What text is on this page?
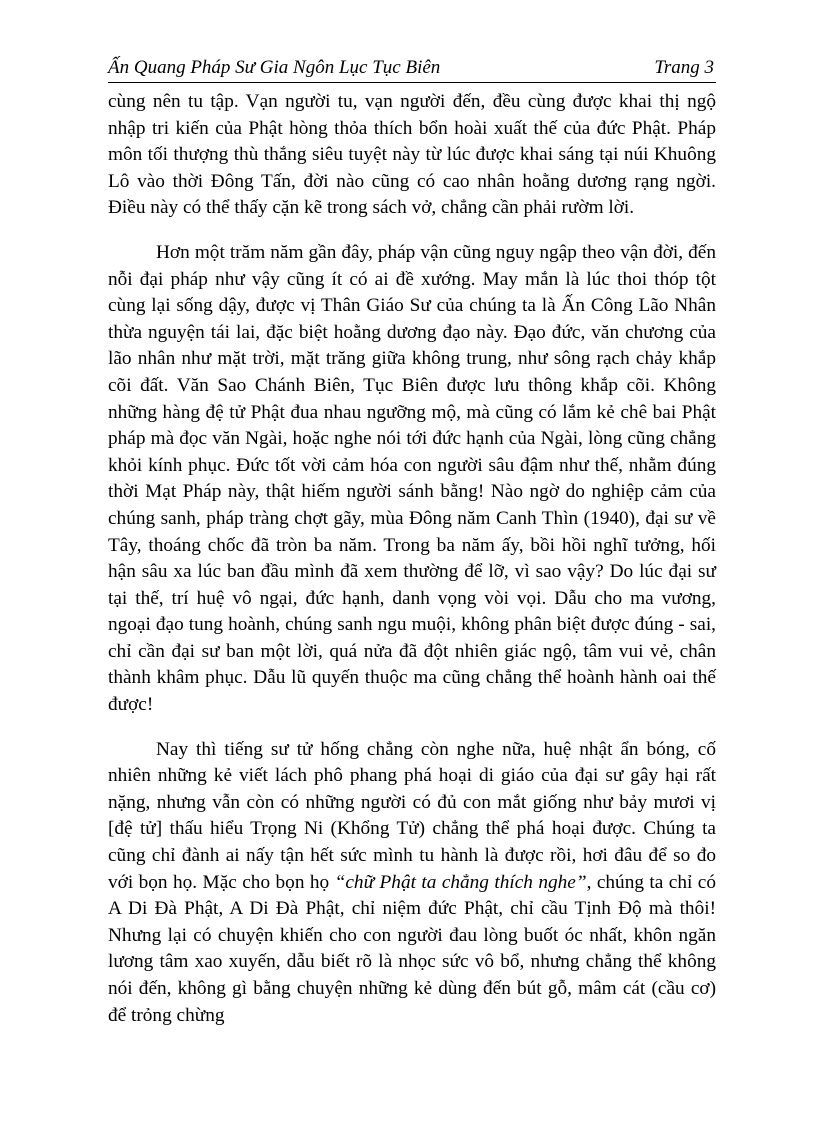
Ấn Quang Pháp Sư Gia Ngôn Lục Tục Biên	Trang 3

cùng nên tu tập. Vạn người tu, vạn người đến, đều cùng được khai thị ngộ nhập tri kiến của Phật hòng thỏa thích bổn hoài xuất thế của đức Phật. Pháp môn tối thượng thù thắng siêu tuyệt này từ lúc được khai sáng tại núi Khuông Lô vào thời Đông Tấn, đời nào cũng có cao nhân hoằng dương rạng ngời. Điều này có thể thấy cặn kẽ trong sách vở, chẳng cần phải rườm lời.

Hơn một trăm năm gần đây, pháp vận cũng nguy ngập theo vận đời, đến nỗi đại pháp như vậy cũng ít có ai đề xướng. May mắn là lúc thoi thóp tột cùng lại sống dậy, được vị Thân Giáo Sư của chúng ta là Ấn Công Lão Nhân thừa nguyện tái lai, đặc biệt hoằng dương đạo này. Đạo đức, văn chương của lão nhân như mặt trời, mặt trăng giữa không trung, như sông rạch chảy khắp cõi đất. Văn Sao Chánh Biên, Tục Biên được lưu thông khắp cõi. Không những hàng đệ tử Phật đua nhau ngưỡng mộ, mà cũng có lắm kẻ chê bai Phật pháp mà đọc văn Ngài, hoặc nghe nói tới đức hạnh của Ngài, lòng cũng chẳng khỏi kính phục. Đức tốt vời cảm hóa con người sâu đậm như thế, nhằm đúng thời Mạt Pháp này, thật hiếm người sánh bằng! Nào ngờ do nghiệp cảm của chúng sanh, pháp tràng chợt gãy, mùa Đông năm Canh Thìn (1940), đại sư về Tây, thoáng chốc đã tròn ba năm. Trong ba năm ấy, bồi hồi nghĩ tưởng, hối hận sâu xa lúc ban đầu mình đã xem thường để lỡ, vì sao vậy? Do lúc đại sư tại thế, trí huệ vô ngại, đức hạnh, danh vọng vòi vọi. Dẫu cho ma vương, ngoại đạo tung hoành, chúng sanh ngu muội, không phân biệt được đúng - sai, chỉ cần đại sư ban một lời, quá nửa đã đột nhiên giác ngộ, tâm vui vẻ, chân thành khâm phục. Dẫu lũ quyến thuộc ma cũng chẳng thể hoành hành oai thế được!

Nay thì tiếng sư tử hống chẳng còn nghe nữa, huệ nhật ẩn bóng, cố nhiên những kẻ viết lách phô phang phá hoại di giáo của đại sư gây hại rất nặng, nhưng vẫn còn có những người có đủ con mắt giống như bảy mươi vị [đệ tử] thấu hiểu Trọng Ni (Khổng Tử) chẳng thể phá hoại được. Chúng ta cũng chỉ đành ai nấy tận hết sức mình tu hành là được rồi, hơi đâu để so đo với bọn họ. Mặc cho bọn họ “chữ Phật ta chẳng thích nghe”, chúng ta chỉ có A Di Đà Phật, A Di Đà Phật, chỉ niệm đức Phật, chỉ cầu Tịnh Độ mà thôi! Nhưng lại có chuyện khiến cho con người đau lòng buốt óc nhất, khôn ngăn lương tâm xao xuyến, dẫu biết rõ là nhọc sức vô bổ, nhưng chẳng thể không nói đến, không gì bằng chuyện những kẻ dùng đến bút gỗ, mâm cát (cầu cơ) để trỏng chừng
